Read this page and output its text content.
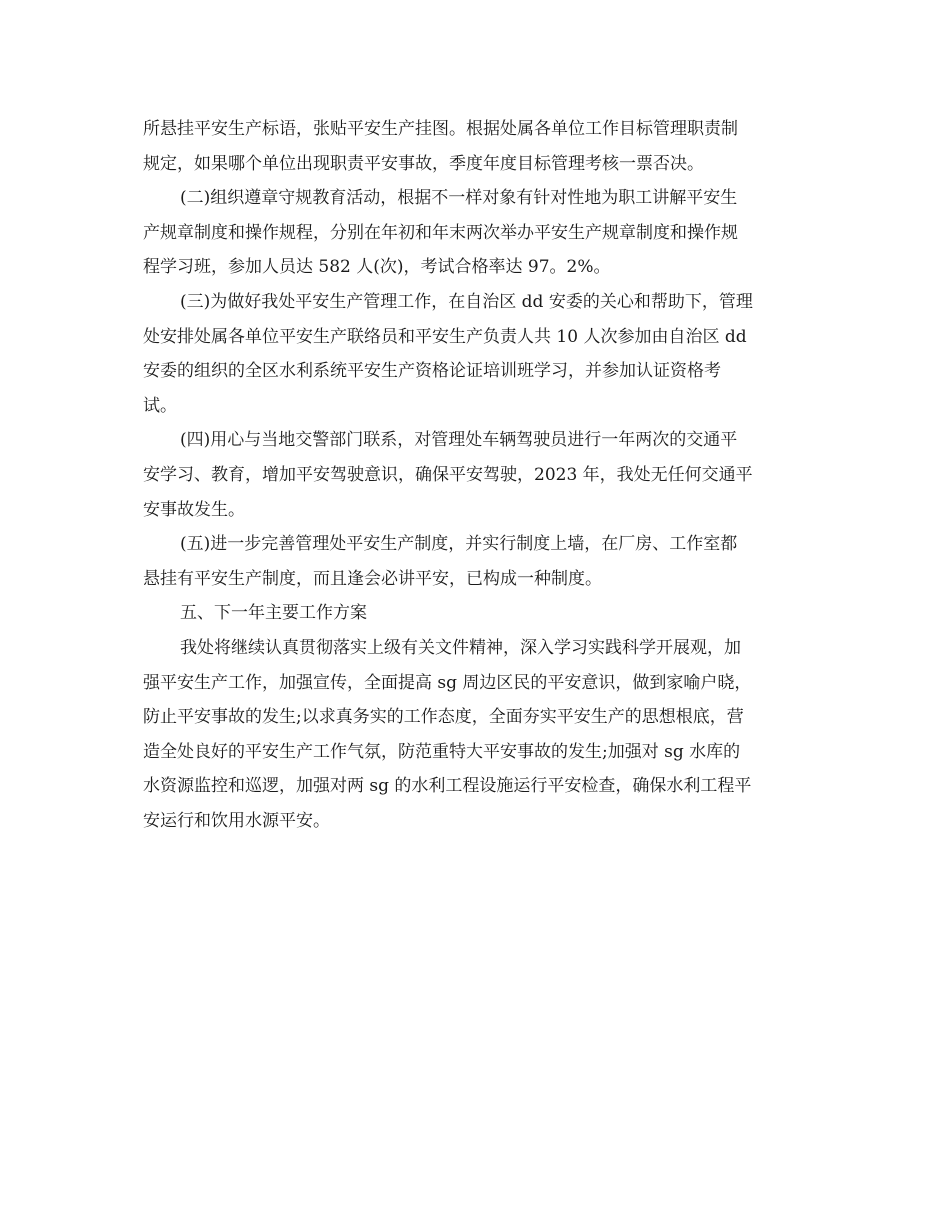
所悬挂平安生产标语，张贴平安生产挂图。根据处属各单位工作目标管理职责制
规定，如果哪个单位出现职责平安事故，季度年度目标管理考核一票否决。
(二)组织遵章守规教育活动，根据不一样对象有针对性地为职工讲解平安生
产规章制度和操作规程，分别在年初和年末两次举办平安生产规章制度和操作规
程学习班，参加人员达 582 人(次)，考试合格率达 97。2%。
(三)为做好我处平安生产管理工作，在自治区 dd 安委的关心和帮助下，管理
处安排处属各单位平安生产联络员和平安生产负责人共 10 人次参加由自治区 dd
安委的组织的全区水利系统平安生产资格论证培训班学习，并参加认证资格考
试。
(四)用心与当地交警部门联系，对管理处车辆驾驶员进行一年两次的交通平
安学习、教育，增加平安驾驶意识，确保平安驾驶，2023 年，我处无任何交通平
安事故发生。
(五)进一步完善管理处平安生产制度，并实行制度上墙，在厂房、工作室都
悬挂有平安生产制度，而且逢会必讲平安，已构成一种制度。
五、下一年主要工作方案
我处将继续认真贯彻落实上级有关文件精神，深入学习实践科学开展观，加
强平安生产工作，加强宣传，全面提高 sg 周边区民的平安意识，做到家喻户晓，
防止平安事故的发生;以求真务实的工作态度，全面夯实平安生产的思想根底，营
造全处良好的平安生产工作气氛，防范重特大平安事故的发生;加强对 sg 水库的
水资源监控和巡逻，加强对两 sg 的水利工程设施运行平安检查，确保水利工程平
安运行和饮用水源平安。
